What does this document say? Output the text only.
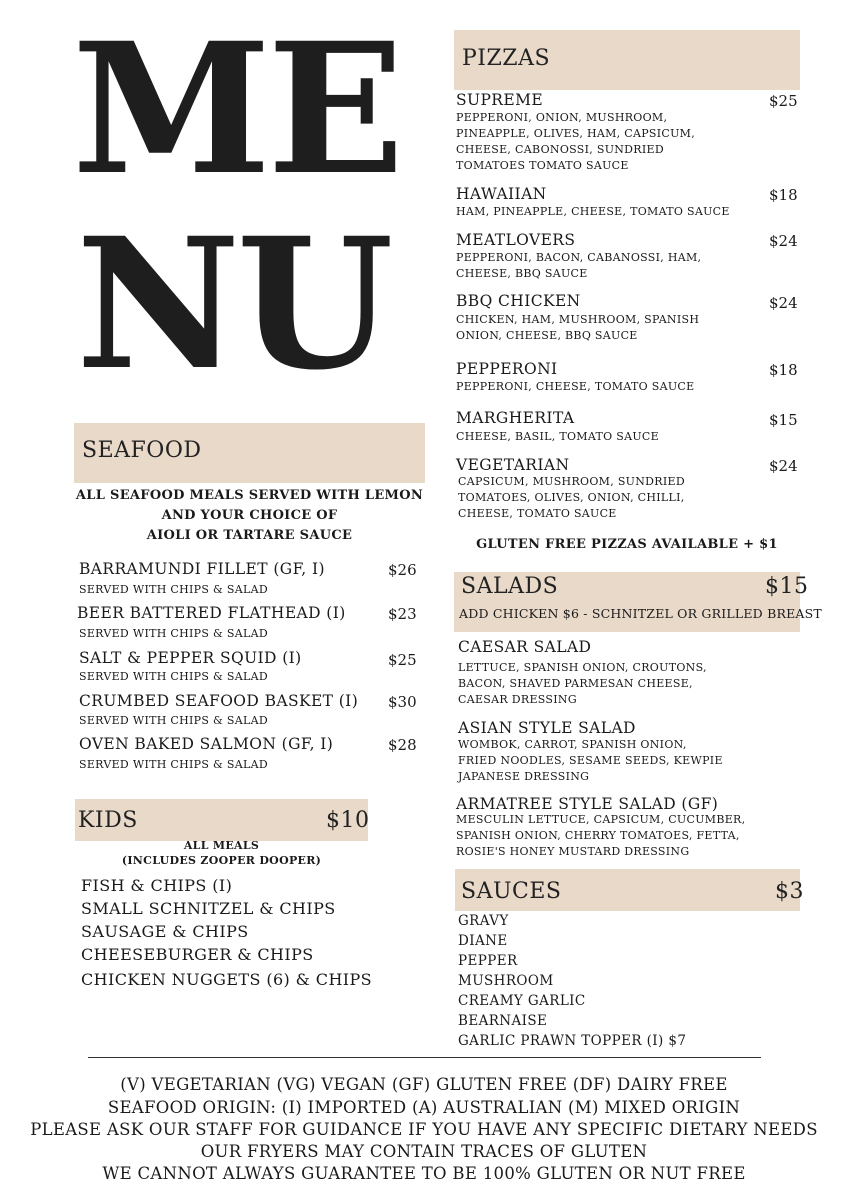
ME
NU
SEAFOOD
ALL SEAFOOD MEALS SERVED WITH LEMON
AND YOUR CHOICE OF
AIOLI OR TARTARE SAUCE
BARRAMUNDI FILLET (GF, I)	$26
SERVED WITH CHIPS & SALAD
BEER BATTERED FLATHEAD (I)	$23
SERVED WITH CHIPS & SALAD
SALT & PEPPER SQUID (I)	$25
SERVED WITH CHIPS & SALAD
CRUMBED SEAFOOD BASKET (I) $30
SERVED WITH CHIPS & SALAD
OVEN BAKED SALMON (GF, I)	$28
SERVED WITH CHIPS & SALAD
KIDS	$10
ALL MEALS
(INCLUDES ZOOPER DOOPER)
FISH & CHIPS (I)
SMALL SCHNITZEL & CHIPS
SAUSAGE & CHIPS
CHEESEBURGER & CHIPS
CHICKEN NUGGETS (6) & CHIPS
PIZZAS
SUPREME	$25
PEPPERONI, ONION, MUSHROOM,
PINEAPPLE, OLIVES, HAM, CAPSICUM,
CHEESE, CABONOSSI, SUNDRIED
TOMATOES TOMATO SAUCE
HAWAIIAN	$18
HAM, PINEAPPLE, CHEESE, TOMATO SAUCE
MEATLOVERS	$24
PEPPERONI, BACON, CABANOSSI, HAM,
CHEESE, BBQ SAUCE
BBQ CHICKEN	$24
CHICKEN, HAM, MUSHROOM, SPANISH
ONION, CHEESE, BBQ SAUCE
PEPPERONI	$18
PEPPERONI, CHEESE, TOMATO SAUCE
MARGHERITA	$15
CHEESE, BASIL, TOMATO SAUCE
VEGETARIAN	$24
CAPSICUM, MUSHROOM, SUNDRIED
TOMATOES, OLIVES, ONION, CHILLI,
CHEESE, TOMATO SAUCE
GLUTEN FREE PIZZAS AVAILABLE + $1
SALADS	$15
ADD CHICKEN $6 - SCHNITZEL OR GRILLED BREAST
CAESAR SALAD
LETTUCE, SPANISH ONION, CROUTONS,
BACON, SHAVED PARMESAN CHEESE,
CAESAR DRESSING
ASIAN STYLE SALAD
WOMBOK, CARROT, SPANISH ONION,
FRIED NOODLES, SESAME SEEDS, KEWPIE
JAPANESE DRESSING
ARMATREE STYLE SALAD (GF)
MESCULIN LETTUCE, CAPSICUM, CUCUMBER,
SPANISH ONION, CHERRY TOMATOES, FETTA,
ROSIE'S HONEY MUSTARD DRESSING
SAUCES	$3
GRAVY
DIANE
PEPPER
MUSHROOM
CREAMY GARLIC
BEARNAISE
GARLIC PRAWN TOPPER (I) $7
(V) VEGETARIAN (VG) VEGAN (GF) GLUTEN FREE (DF) DAIRY FREE
SEAFOOD ORIGIN: (I) IMPORTED (A) AUSTRALIAN (M) MIXED ORIGIN
PLEASE ASK OUR STAFF FOR GUIDANCE IF YOU HAVE ANY SPECIFIC DIETARY NEEDS
OUR FRYERS MAY CONTAIN TRACES OF GLUTEN
WE CANNOT ALWAYS GUARANTEE TO BE 100% GLUTEN OR NUT FREE
